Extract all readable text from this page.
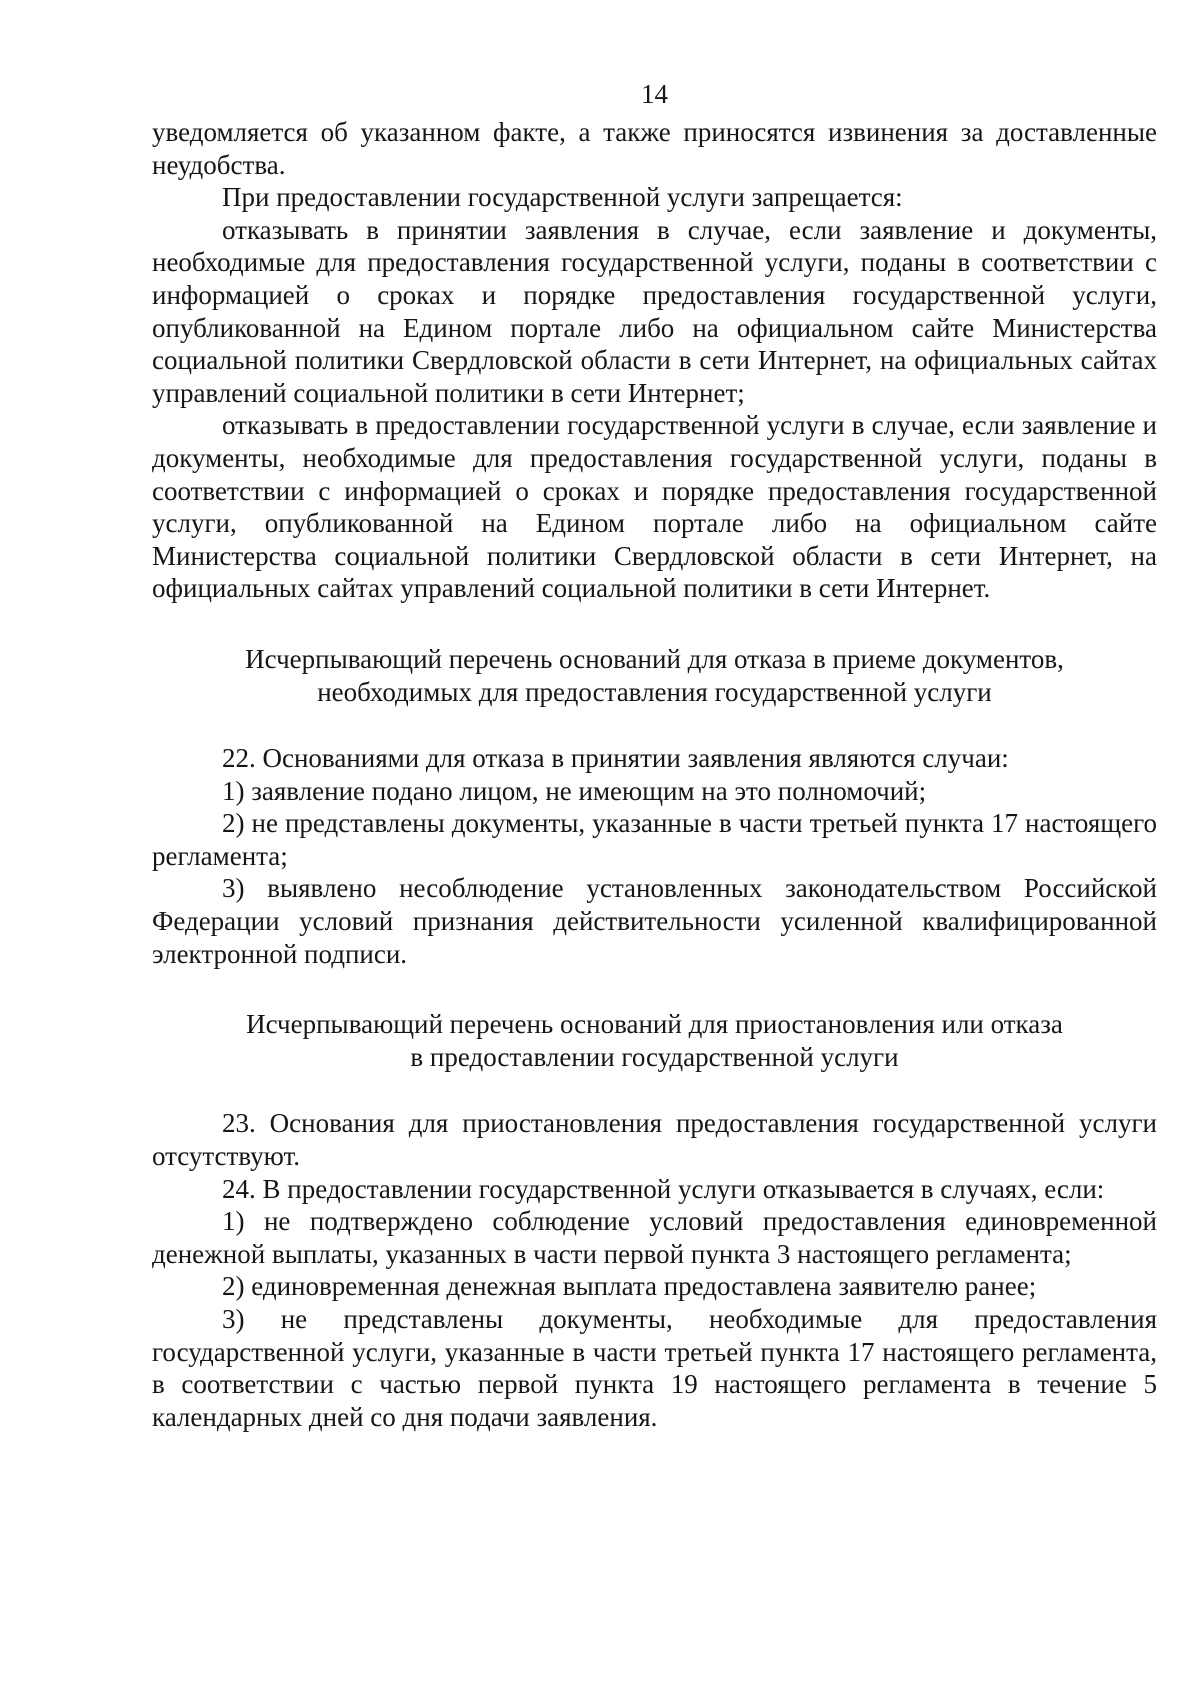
14

уведомляется об указанном факте, а также приносятся извинения за доставленные неудобства.

При предоставлении государственной услуги запрещается:

отказывать в принятии заявления в случае, если заявление и документы, необходимые для предоставления государственной услуги, поданы в соответствии с информацией о сроках и порядке предоставления государственной услуги, опубликованной на Едином портале либо на официальном сайте Министерства социальной политики Свердловской области в сети Интернет, на официальных сайтах управлений социальной политики в сети Интернет;

отказывать в предоставлении государственной услуги в случае, если заявление и документы, необходимые для предоставления государственной услуги, поданы в соответствии с информацией о сроках и порядке предоставления государственной услуги, опубликованной на Едином портале либо на официальном сайте Министерства социальной политики Свердловской области в сети Интернет, на официальных сайтах управлений социальной политики в сети Интернет.

Исчерпывающий перечень оснований для отказа в приеме документов,
необходимых для предоставления государственной услуги

22. Основаниями для отказа в принятии заявления являются случаи:

1) заявление подано лицом, не имеющим на это полномочий;

2) не представлены документы, указанные в части третьей пункта 17 настоящего регламента;

3) выявлено несоблюдение установленных законодательством Российской Федерации условий признания действительности усиленной квалифицированной электронной подписи.

Исчерпывающий перечень оснований для приостановления или отказа
в предоставлении государственной услуги

23. Основания для приостановления предоставления государственной услуги отсутствуют.

24. В предоставлении государственной услуги отказывается в случаях, если:

1) не подтверждено соблюдение условий предоставления единовременной денежной выплаты, указанных в части первой пункта 3 настоящего регламента;

2) единовременная денежная выплата предоставлена заявителю ранее;

3) не представлены документы, необходимые для предоставления государственной услуги, указанные в части третьей пункта 17 настоящего регламента, в соответствии с частью первой пункта 19 настоящего регламента в течение 5 календарных дней со дня подачи заявления.
